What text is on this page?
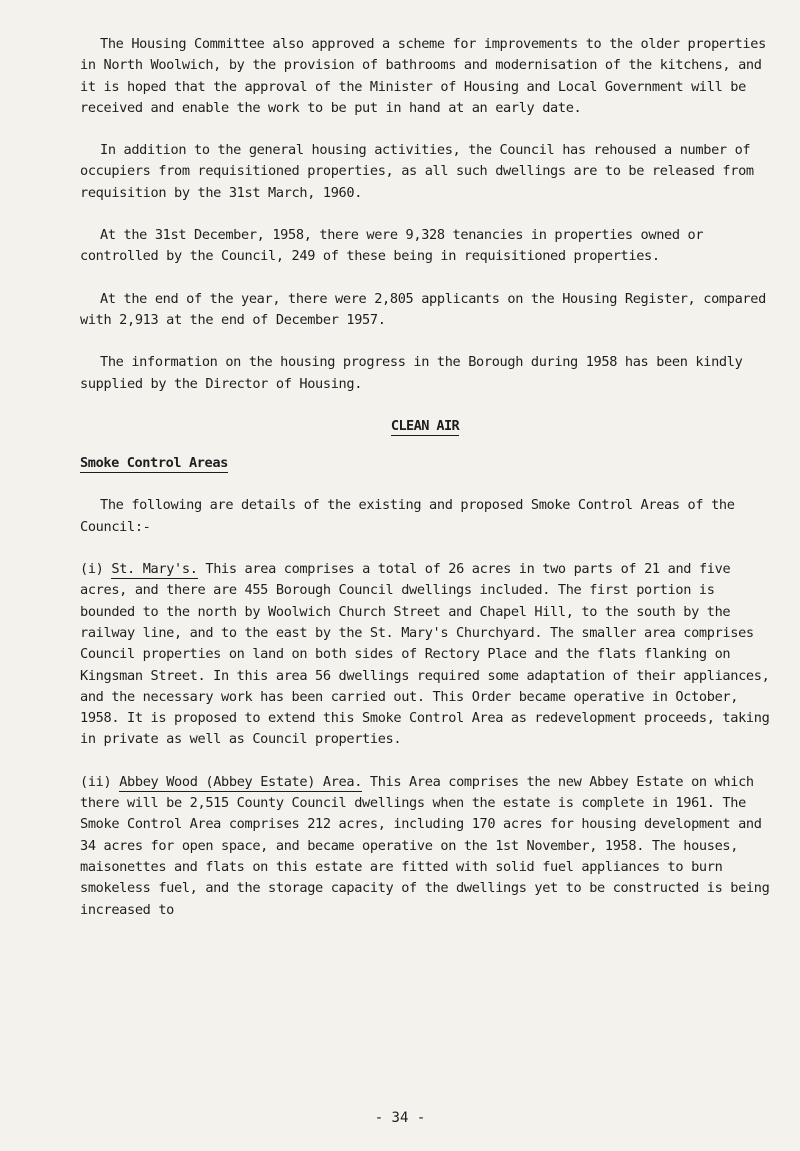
The Housing Committee also approved a scheme for improvements to the older properties in North Woolwich, by the provision of bathrooms and modernisation of the kitchens, and it is hoped that the approval of the Minister of Housing and Local Government will be received and enable the work to be put in hand at an early date.

In addition to the general housing activities, the Council has rehoused a number of occupiers from requisitioned properties, as all such dwellings are to be released from requisition by the 31st March, 1960.

At the 31st December, 1958, there were 9,328 tenancies in properties owned or controlled by the Council, 249 of these being in requisitioned properties.

At the end of the year, there were 2,805 applicants on the Housing Register, compared with 2,913 at the end of December 1957.

The information on the housing progress in the Borough during 1958 has been kindly supplied by the Director of Housing.

CLEAN AIR
Smoke Control Areas

The following are details of the existing and proposed Smoke Control Areas of the Council:-

(i) St. Mary's. This area comprises a total of 26 acres in two parts of 21 and five acres, and there are 455 Borough Council dwellings included. The first portion is bounded to the north by Woolwich Church Street and Chapel Hill, to the south by the railway line, and to the east by the St. Mary's Churchyard. The smaller area comprises Council properties on land on both sides of Rectory Place and the flats flanking on Kingsman Street. In this area 56 dwellings required some adaptation of their appliances, and the necessary work has been carried out. This Order became operative in October, 1958. It is proposed to extend this Smoke Control Area as redevelopment proceeds, taking in private as well as Council properties.

(ii) Abbey Wood (Abbey Estate) Area. This Area comprises the new Abbey Estate on which there will be 2,515 County Council dwellings when the estate is complete in 1961. The Smoke Control Area comprises 212 acres, including 170 acres for housing development and 34 acres for open space, and became operative on the 1st November, 1958. The houses, maisonettes and flats on this estate are fitted with solid fuel appliances to burn smokeless fuel, and the storage capacity of the dwellings yet to be constructed is being increased to

- 34 -
